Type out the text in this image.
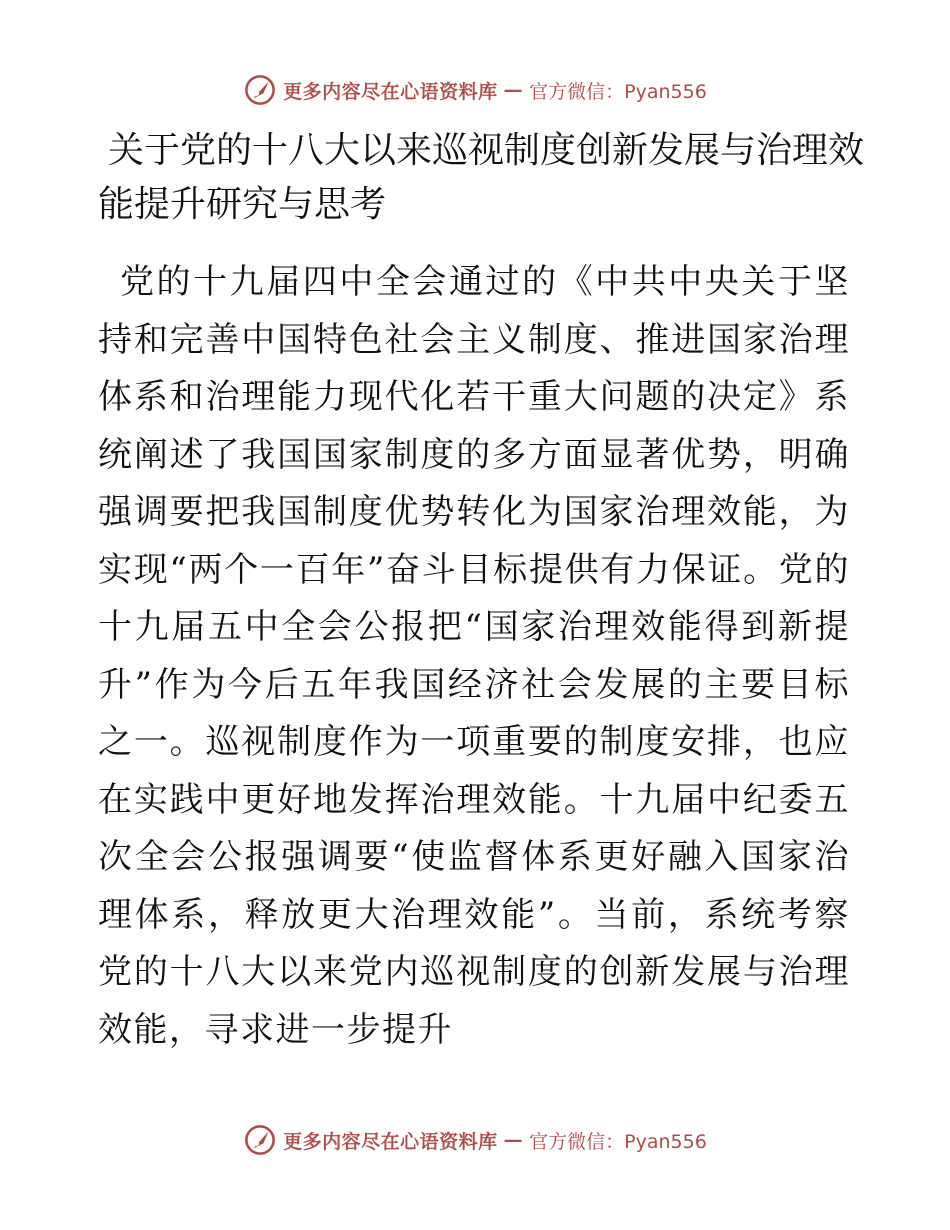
更多内容尽在心语资料库 — 官方微信：Pyan556
关于党的十八大以来巡视制度创新发展与治理效能提升研究与思考

党的十九届四中全会通过的《中共中央关于坚持和完善中国特色社会主义制度、推进国家治理体系和治理能力现代化若干重大问题的决定》系统阐述了我国国家制度的多方面显著优势，明确强调要把我国制度优势转化为国家治理效能，为实现“两个一百年”奋斗目标提供有力保证。党的十九届五中全会公报把“国家治理效能得到新提升”作为今后五年我国经济社会发展的主要目标之一。巡视制度作为一项重要的制度安排，也应在实践中更好地发挥治理效能。十九届中纪委五次全会公报强调要“使监督体系更好融入国家治理体系，释放更大治理效能”。当前，系统考察党的十八大以来党内巡视制度的创新发展与治理效能，寻求进一步提升

更多内容尽在心语资料库 — 官方微信：Pyan556
